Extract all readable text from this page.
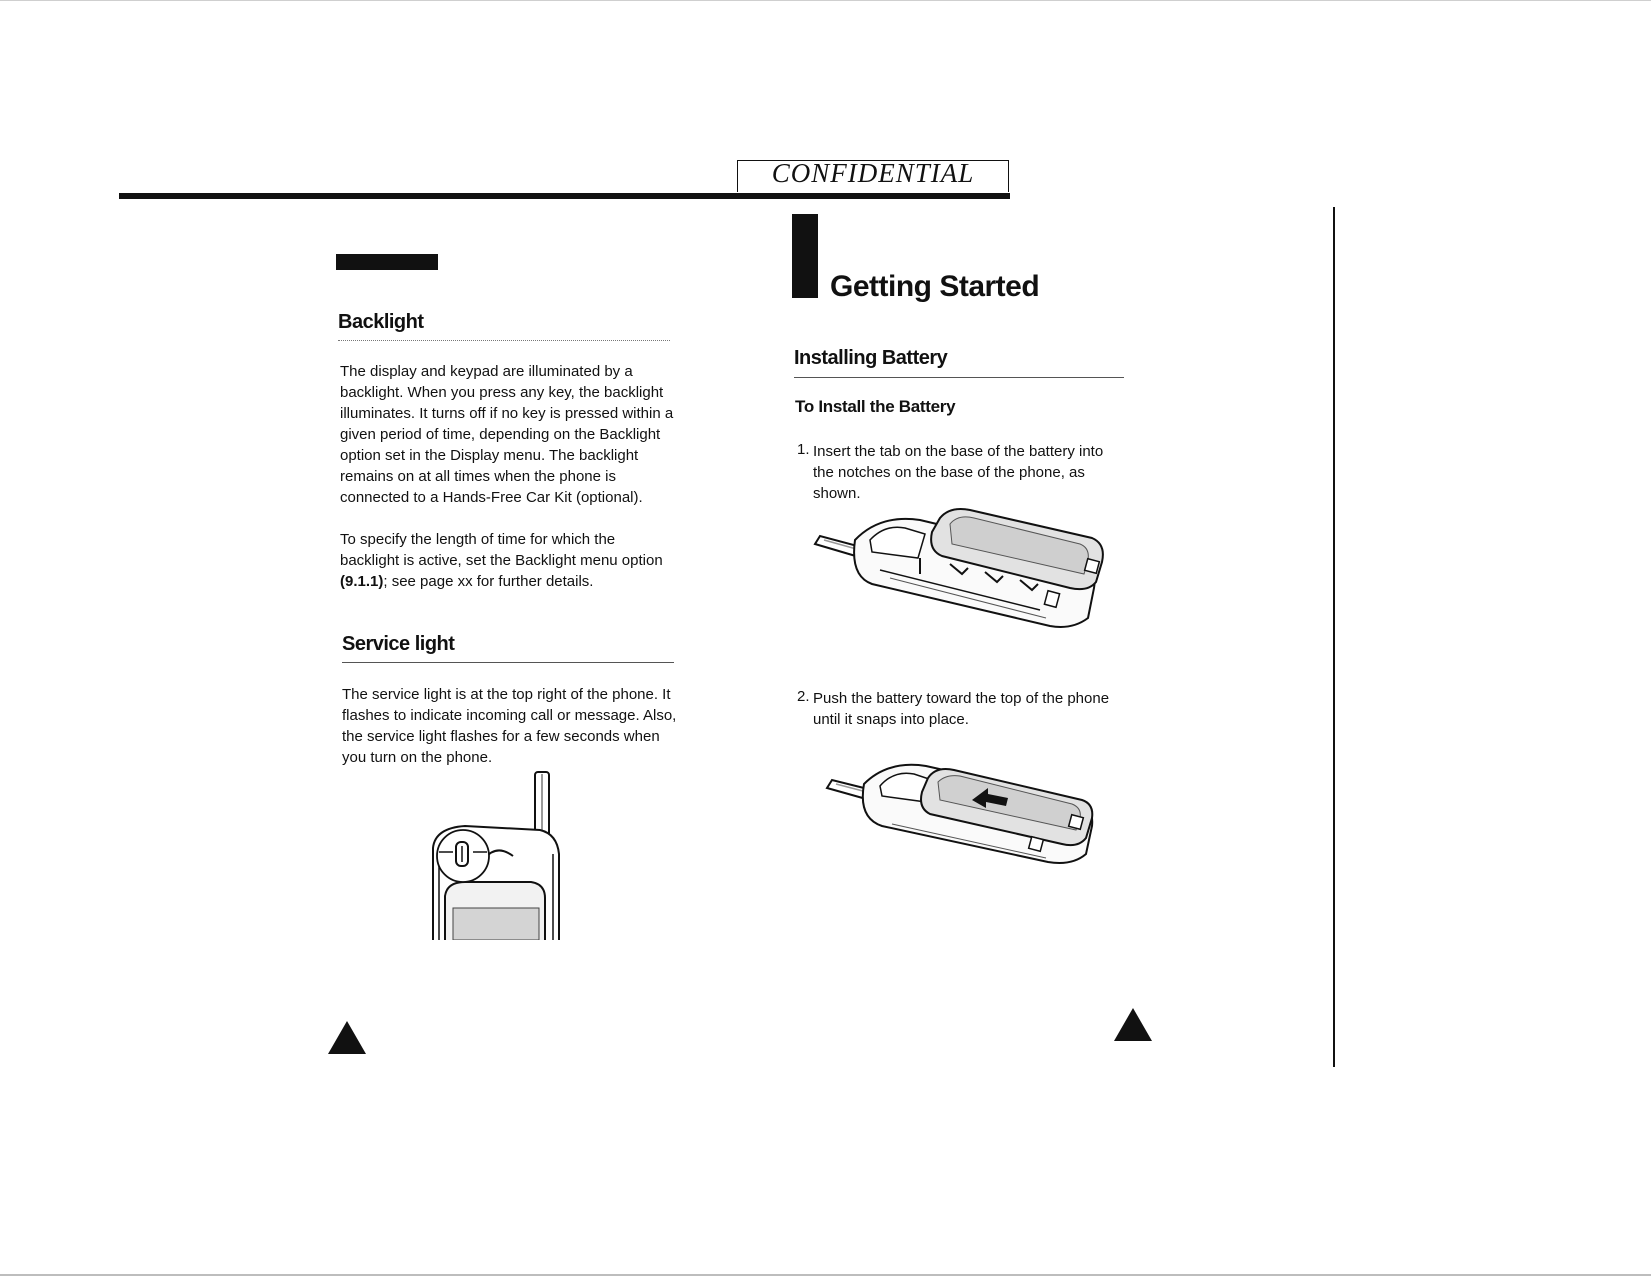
CONFIDENTIAL
Backlight

The display and keypad are illuminated by a backlight. When you press any key, the backlight illuminates. It turns off if no key is pressed within a given period of time, depending on the Backlight option set in the Display menu. The backlight remains on at all times when the phone is connected to a Hands-Free Car Kit (optional).

To specify the length of time for which the backlight is active, set the Backlight menu option (9.1.1); see page xx for further details.

Service light

The service light is at the top right of the phone. It flashes to indicate incoming call or message. Also, the service light flashes for a few seconds when you turn on the phone.

Getting Started
Installing Battery
To Install the Battery
1. Insert the tab on the base of the battery into the notches on the base of the phone, as shown.

2. Push the battery toward the top of the phone until it snaps into place.
